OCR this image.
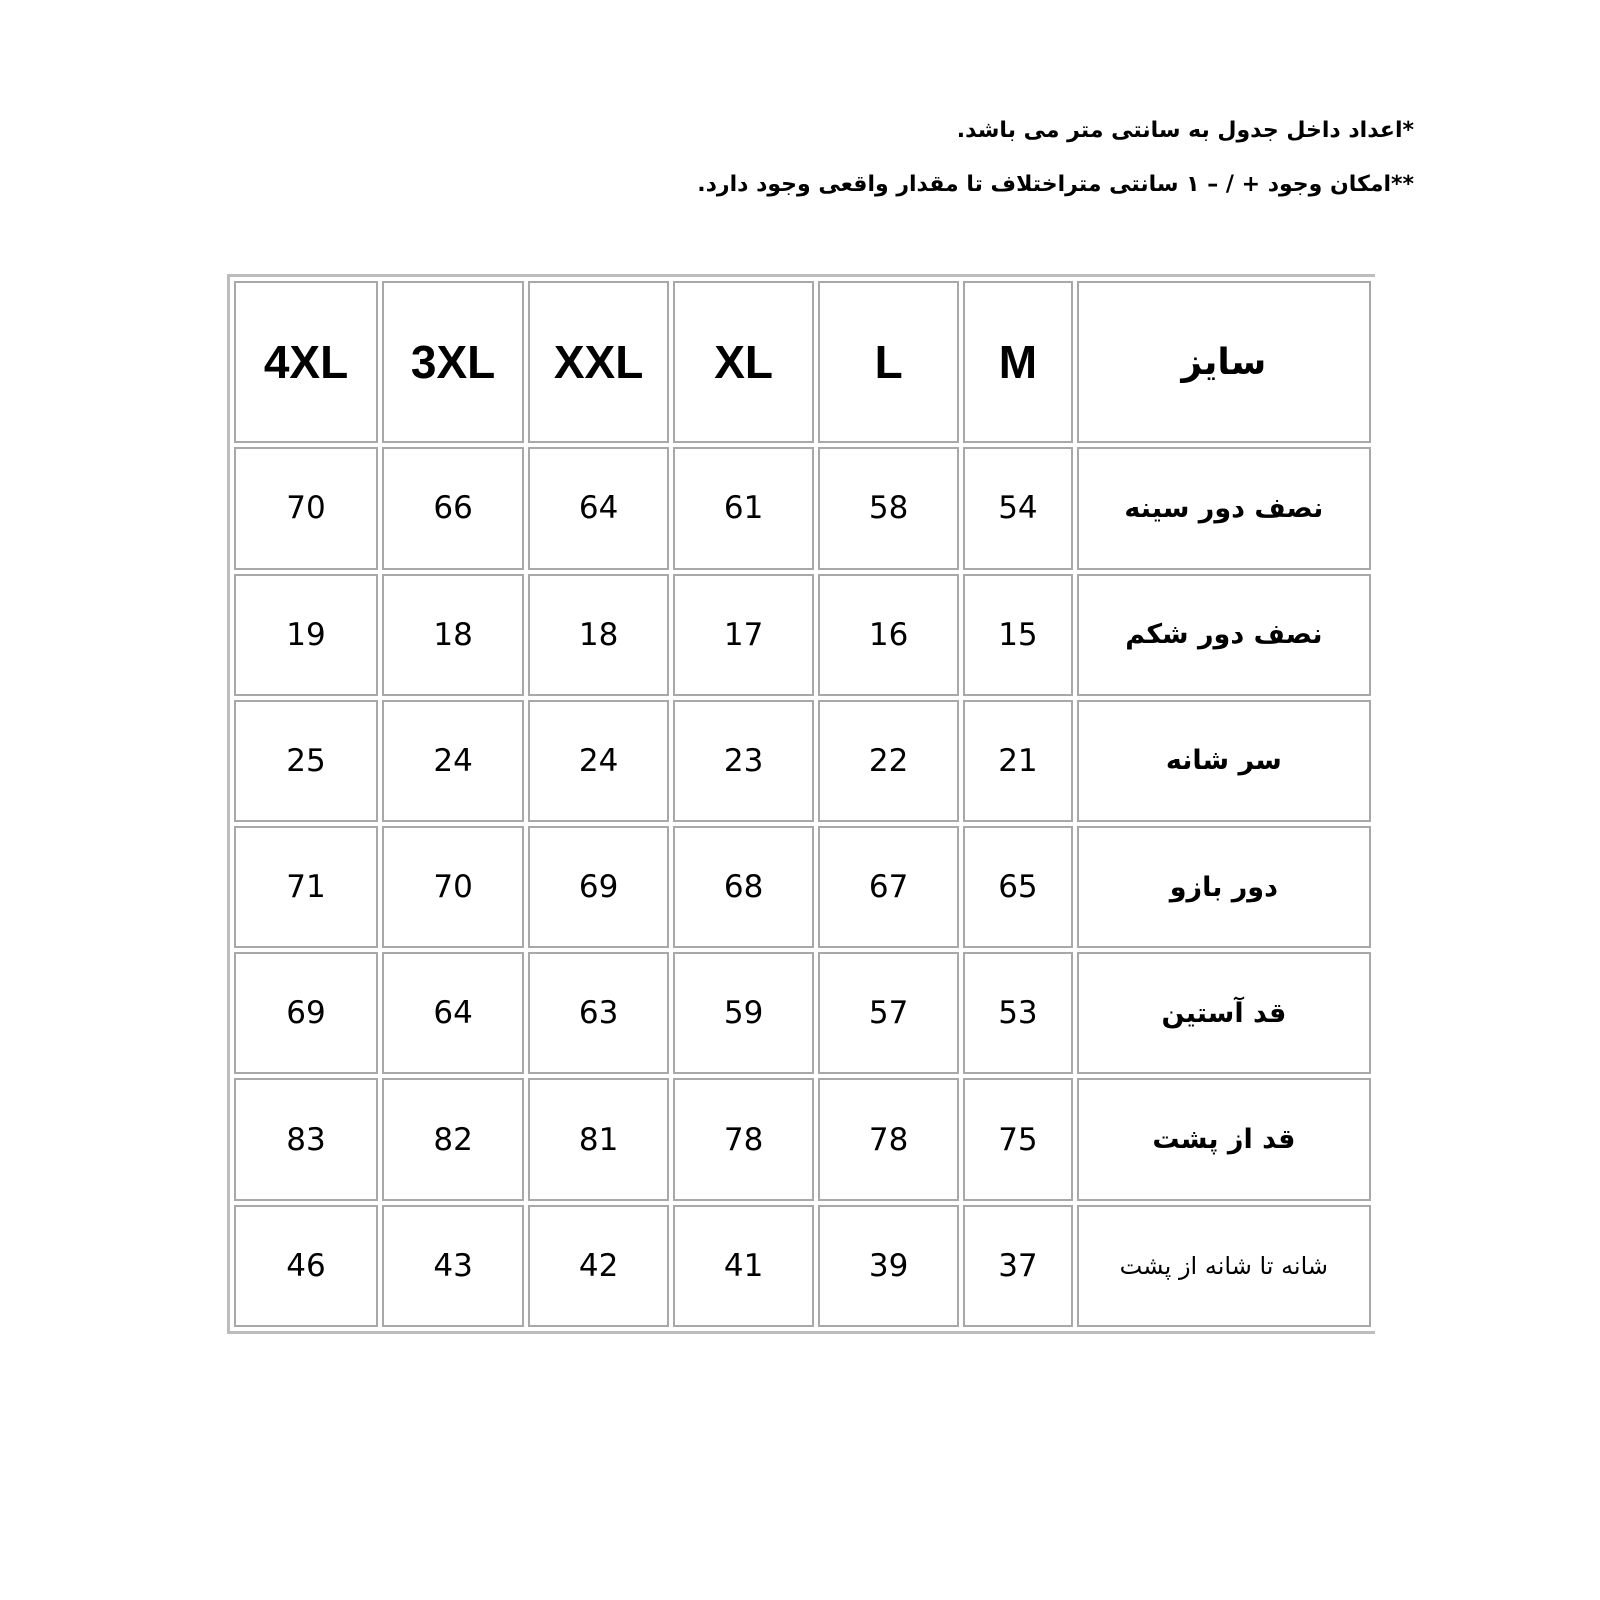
*اعداد داخل جدول به سانتی متر می باشد.
**امکان وجود + / – ۱ سانتی متراختلاف تا مقدار واقعی وجود دارد.
4XL	3XL	XXL	XL	L	M	سایز
70	66	64	61	58	54	نصف دور سینه
19	18	18	17	16	15	نصف دور شکم
25	24	24	23	22	21	سر شانه
71	70	69	68	67	65	دور بازو
69	64	63	59	57	53	قد آستین
83	82	81	78	78	75	قد از پشت
46	43	42	41	39	37	شانه تا شانه از پشت
